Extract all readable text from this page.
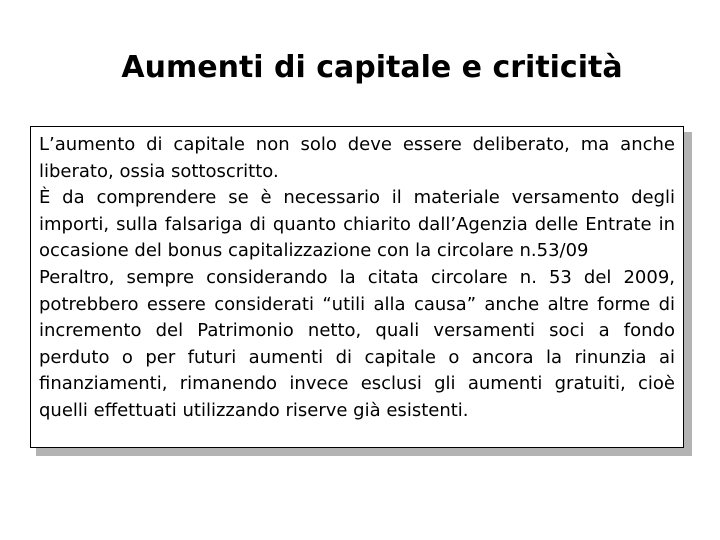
Aumenti di capitale e criticità

L’aumento di capitale non solo deve essere deliberato, ma anche liberato, ossia sottoscritto.

È da comprendere se è necessario il materiale versamento degli importi, sulla falsariga di quanto chiarito dall’Agenzia delle Entrate in occasione del bonus capitalizzazione con la circolare n.53/09

Peraltro, sempre considerando la citata circolare n. 53 del 2009, potrebbero essere considerati “utili alla causa” anche altre forme di incremento del Patrimonio netto, quali versamenti soci a fondo perduto o per futuri aumenti di capitale o ancora la rinunzia ai finanziamenti, rimanendo invece esclusi gli aumenti gratuiti, cioè quelli effettuati utilizzando riserve già esistenti.
